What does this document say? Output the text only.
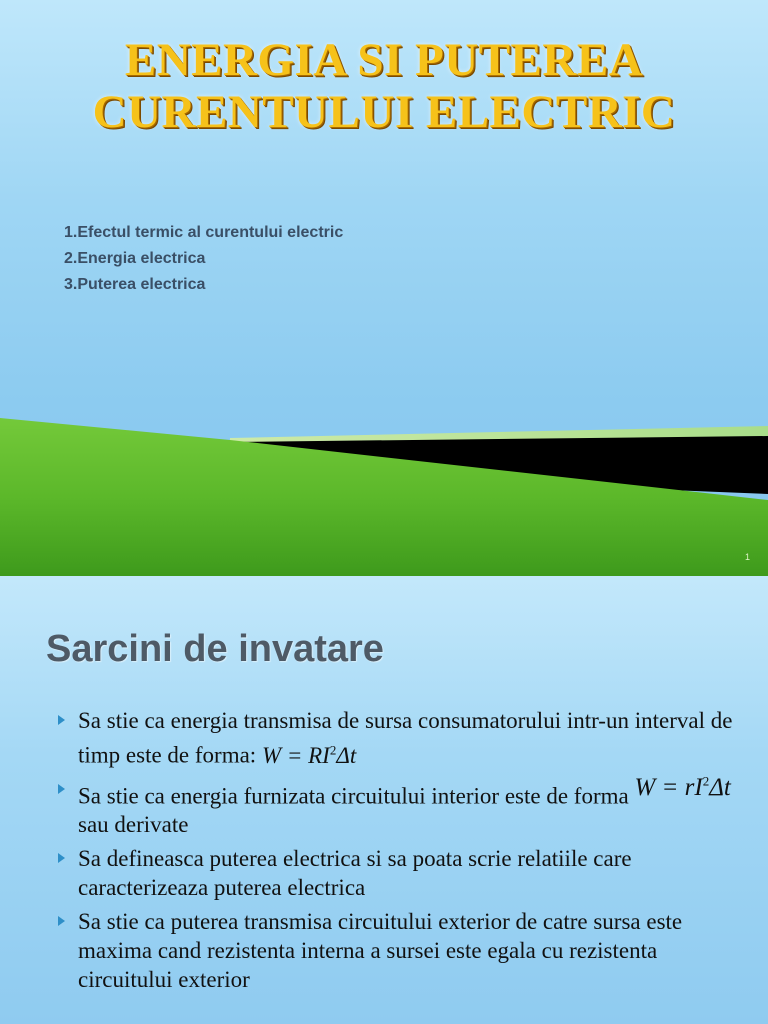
ENERGIA SI PUTEREA
CURENTULUI ELECTRIC
1.Efectul termic al curentului electric
2.Energia electrica
3.Puterea electrica
1
Sarcini de invatare
Sa stie ca energia transmisa de sursa consumatorului intr-un interval de timp este de forma: $W = RI^2\Delta t$
Sa stie ca energia furnizata circuitului interior este de forma $W = rI^2\Delta t$ sau derivate
Sa defineasca puterea electrica si sa poata scrie relatiile care caracterizeaza puterea electrica
Sa stie ca puterea transmisa circuitului exterior de catre sursa este maxima cand rezistenta interna a sursei este egala cu rezistenta circuitului exterior
